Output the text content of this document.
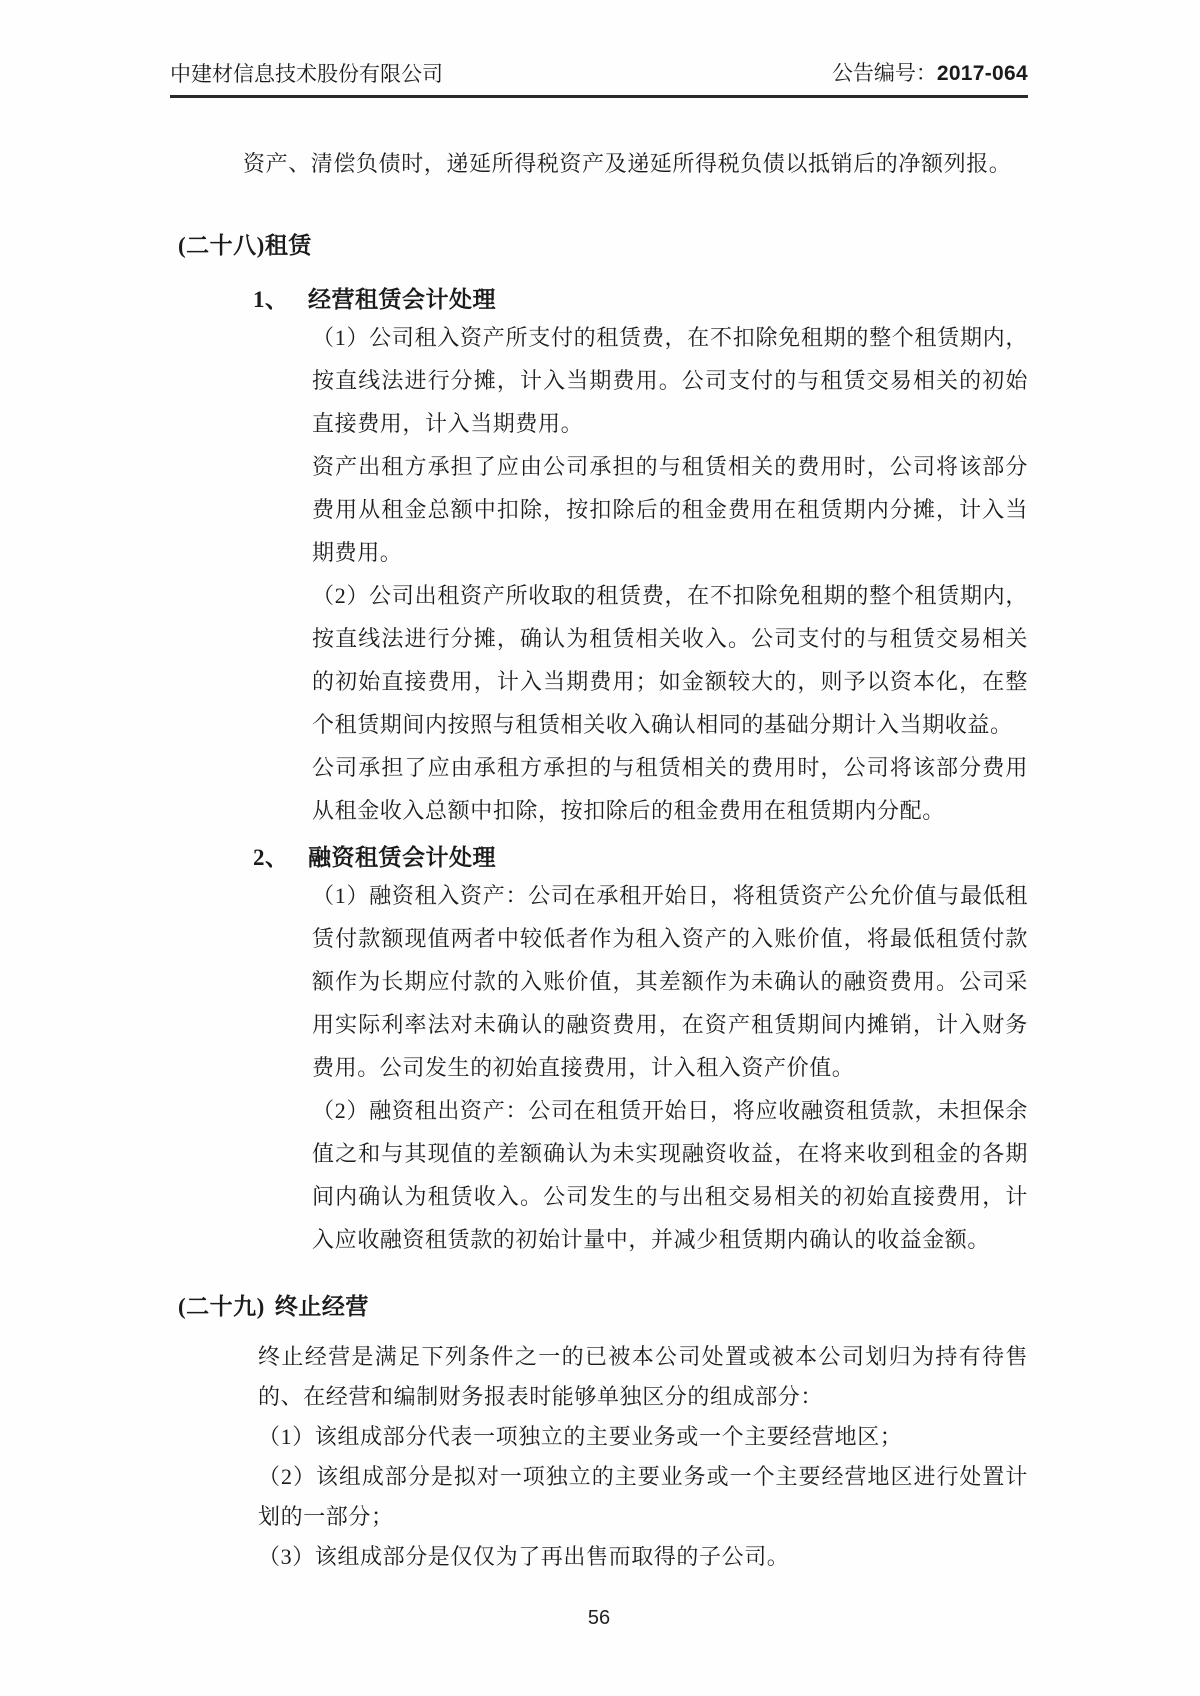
中建材信息技术股份有限公司	公告编号：2017-064

资产、清偿负债时，递延所得税资产及递延所得税负债以抵销后的净额列报。

(二十八)租赁
1、 经营租赁会计处理

（1）公司租入资产所支付的租赁费，在不扣除免租期的整个租赁期内，按直线法进行分摊，计入当期费用。公司支付的与租赁交易相关的初始直接费用，计入当期费用。

资产出租方承担了应由公司承担的与租赁相关的费用时，公司将该部分费用从租金总额中扣除，按扣除后的租金费用在租赁期内分摊，计入当期费用。

（2）公司出租资产所收取的租赁费，在不扣除免租期的整个租赁期内，按直线法进行分摊，确认为租赁相关收入。公司支付的与租赁交易相关的初始直接费用，计入当期费用；如金额较大的，则予以资本化，在整个租赁期间内按照与租赁相关收入确认相同的基础分期计入当期收益。

公司承担了应由承租方承担的与租赁相关的费用时，公司将该部分费用从租金收入总额中扣除，按扣除后的租金费用在租赁期内分配。

2、 融资租赁会计处理

（1）融资租入资产：公司在承租开始日，将租赁资产公允价值与最低租赁付款额现值两者中较低者作为租入资产的入账价值，将最低租赁付款额作为长期应付款的入账价值，其差额作为未确认的融资费用。公司采用实际利率法对未确认的融资费用，在资产租赁期间内摊销，计入财务费用。公司发生的初始直接费用，计入租入资产价值。

（2）融资租出资产：公司在租赁开始日，将应收融资租赁款，未担保余值之和与其现值的差额确认为未实现融资收益，在将来收到租金的各期间内确认为租赁收入。公司发生的与出租交易相关的初始直接费用，计入应收融资租赁款的初始计量中，并减少租赁期内确认的收益金额。

(二十九) 终止经营

终止经营是满足下列条件之一的已被本公司处置或被本公司划归为持有待售的、在经营和编制财务报表时能够单独区分的组成部分：

（1）该组成部分代表一项独立的主要业务或一个主要经营地区；

（2）该组成部分是拟对一项独立的主要业务或一个主要经营地区进行处置计划的一部分；

（3）该组成部分是仅仅为了再出售而取得的子公司。

56
